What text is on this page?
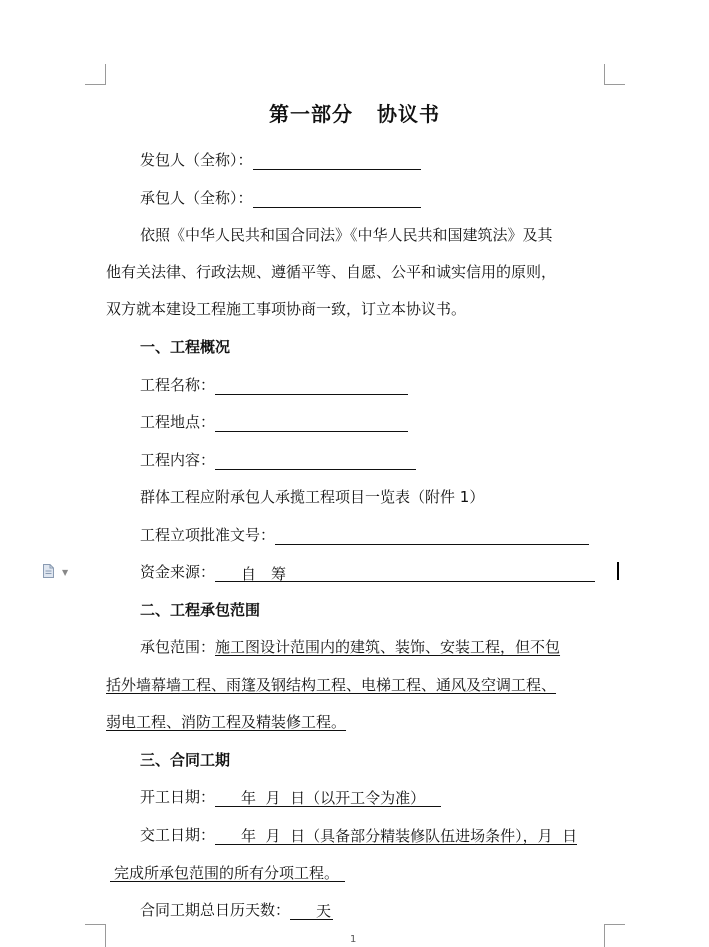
第一部分 协议书
发包人（全称）：
承包人（全称）：
依照《中华人民共和国合同法》《中华人民共和国建筑法》及其
他有关法律、行政法规、遵循平等、自愿、公平和诚实信用的原则，
双方就本建设工程施工事项协商一致，订立本协议书。
一、工程概况
工程名称：
工程地点：
工程内容：
群体工程应附承包人承揽工程项目一览表（附件 1）
工程立项批准文号：
资金来源： 自　筹
二、工程承包范围
承包范围：施工图设计范围内的建筑、装饰、安装工程，但不包
括外墙幕墙工程、雨篷及钢结构工程、电梯工程、通风及空调工程、
弱电工程、消防工程及精装修工程。
三、合同工期
开工日期： 年  月  日（以开工令为准）
交工日期： 年  月  日（具备部分精装修队伍进场条件），月  日
完成所承包范围的所有分项工程。
合同工期总日历天数： 天
▼
1
